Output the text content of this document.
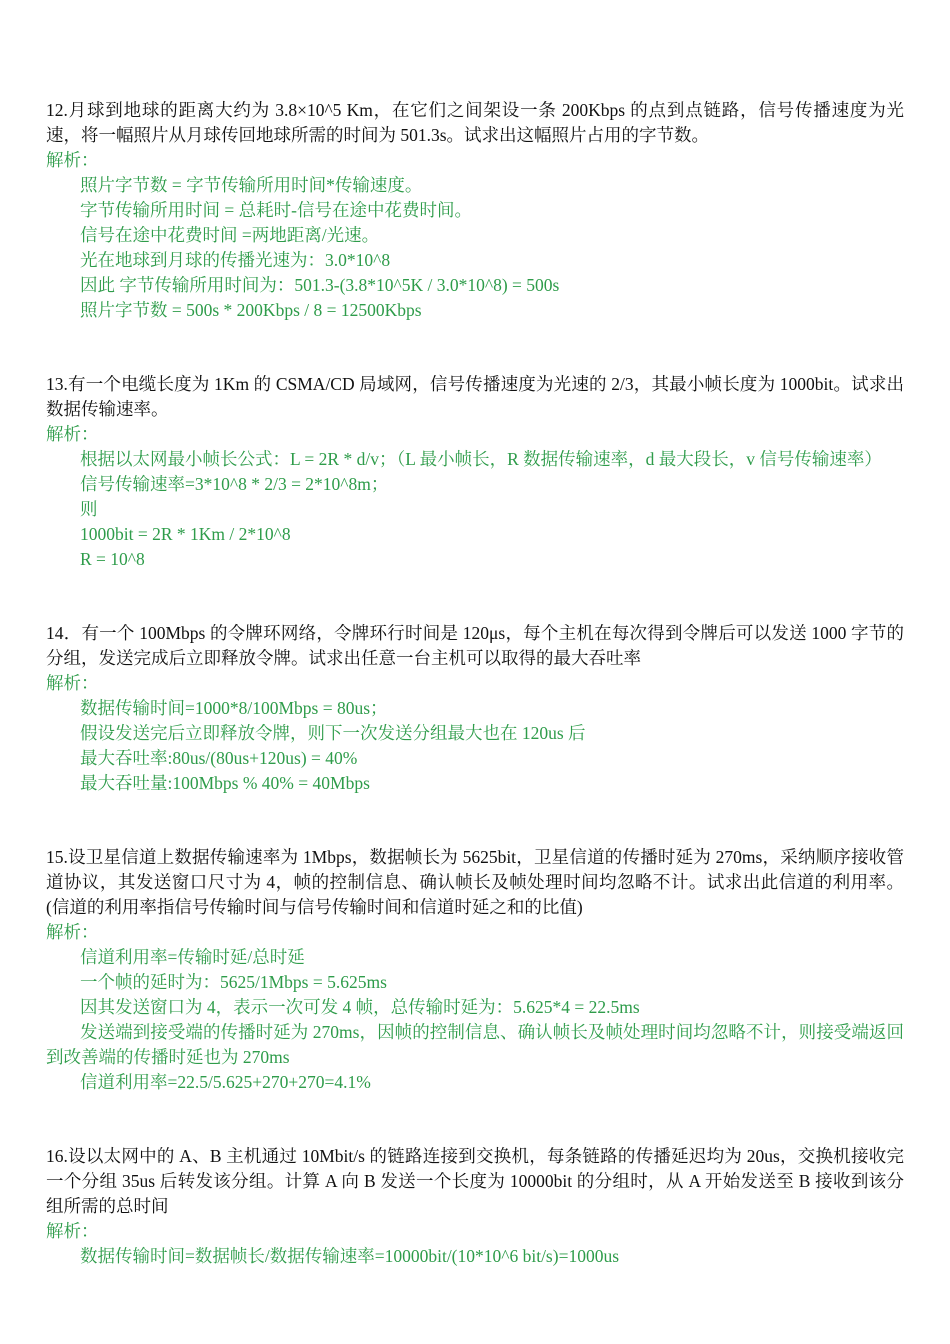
12.月球到地球的距离大约为 3.8×10^5 Km，在它们之间架设一条 200Kbps 的点到点链路，信号传播速度为光速，将一幅照片从月球传回地球所需的时间为 501.3s。试求出这幅照片占用的字节数。

解析：

照片字节数 = 字节传输所用时间*传输速度。

字节传输所用时间 = 总耗时-信号在途中花费时间。

信号在途中花费时间 =两地距离/光速。

光在地球到月球的传播光速为：3.0*10^8

因此 字节传输所用时间为：501.3-(3.8*10^5K / 3.0*10^8) = 500s

照片字节数 = 500s * 200Kbps / 8 = 12500Kbps

13.有一个电缆长度为 1Km 的 CSMA/CD 局域网，信号传播速度为光速的 2/3，其最小帧长度为 1000bit。试求出数据传输速率。

解析：

根据以太网最小帧长公式：L = 2R * d/v；（L 最小帧长，R 数据传输速率，d 最大段长，v 信号传输速率）

信号传输速率=3*10^8 * 2/3 = 2*10^8m；

则

1000bit = 2R * 1Km / 2*10^8

R = 10^8

14．有一个 100Mbps 的令牌环网络，令牌环行时间是 120μs，每个主机在每次得到令牌后可以发送 1000 字节的分组，发送完成后立即释放令牌。试求出任意一台主机可以取得的最大吞吐率

解析：

数据传输时间=1000*8/100Mbps = 80us；

假设发送完后立即释放令牌，则下一次发送分组最大也在 120us 后

最大吞吐率:80us/(80us+120us) = 40%

最大吞吐量:100Mbps % 40% = 40Mbps

15.设卫星信道上数据传输速率为 1Mbps，数据帧长为 5625bit，卫星信道的传播时延为 270ms，采纳顺序接收管道协议，其发送窗口尺寸为 4，帧的控制信息、确认帧长及帧处理时间均忽略不计。试求出此信道的利用率。(信道的利用率指信号传输时间与信号传输时间和信道时延之和的比值)

解析：

信道利用率=传输时延/总时延

一个帧的延时为：5625/1Mbps = 5.625ms

因其发送窗口为 4，表示一次可发 4 帧，总传输时延为：5.625*4 = 22.5ms

发送端到接受端的传播时延为 270ms，因帧的控制信息、确认帧长及帧处理时间均忽略不计，则接受端返回到改善端的传播时延也为 270ms

信道利用率=22.5/5.625+270+270=4.1%

16.设以太网中的 A、B 主机通过 10Mbit/s 的链路连接到交换机，每条链路的传播延迟均为 20us，交换机接收完一个分组 35us 后转发该分组。计算 A 向 B 发送一个长度为 10000bit 的分组时，从 A 开始发送至 B 接收到该分组所需的总时间

解析：

数据传输时间=数据帧长/数据传输速率=10000bit/(10*10^6 bit/s)=1000us
